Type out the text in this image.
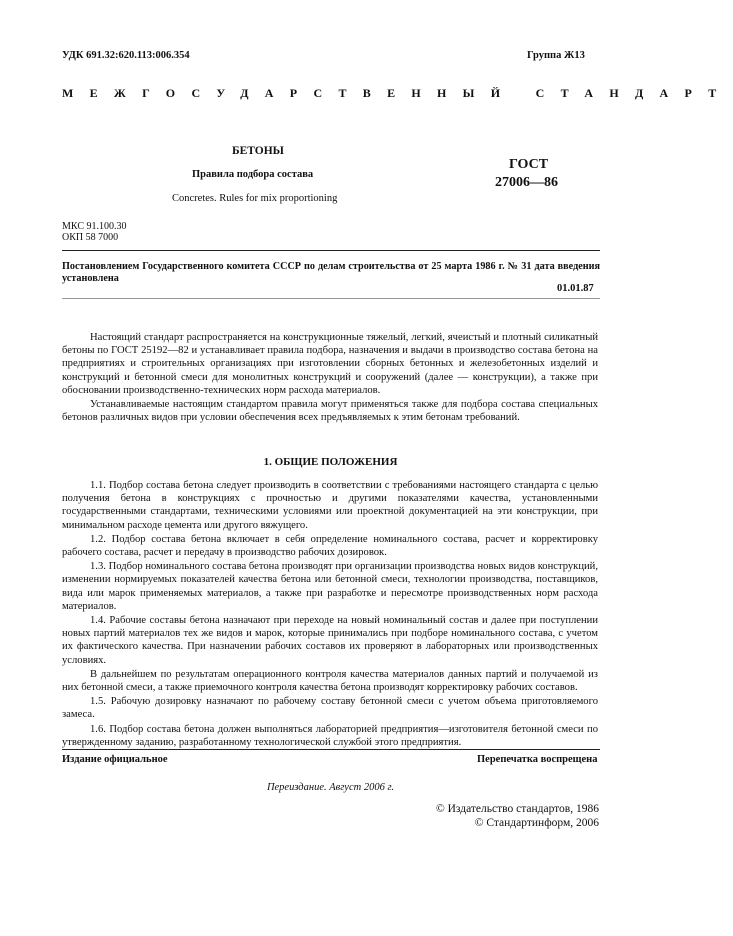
УДК 691.32:620.113:006.354	Группа Ж13
МЕЖГОСУДАРСТВЕННЫЙ СТАНДАРТ
БЕТОНЫ
Правила подбора состава
Concretes. Rules for mix proportioning
ГОСТ
27006—86
МКС 91.100.30
ОКП 58 7000
Постановлением Государственного комитета СССР по делам строительства от 25 марта 1986 г. № 31 дата введения установлена
01.01.87

Настоящий стандарт распространяется на конструкционные тяжелый, легкий, ячеистый и плотный силикатный бетоны по ГОСТ 25192—82 и устанавливает правила подбора, назначения и выдачи в производство состава бетона на предприятиях и строительных организациях при изготовлении сборных бетонных и железобетонных изделий и конструкций и бетонной смеси для монолитных конструкций и сооружений (далее — конструкции), а также при обосновании производственно-технических норм расхода материалов.

Устанавливаемые настоящим стандартом правила могут применяться также для подбора состава специальных бетонов различных видов при условии обеспечения всех предъявляемых к этим бетонам требований.

1. ОБЩИЕ ПОЛОЖЕНИЯ

1.1. Подбор состава бетона следует производить в соответствии с требованиями настоящего стандарта с целью получения бетона в конструкциях с прочностью и другими показателями качества, установленными государственными стандартами, техническими условиями или проектной документацией на эти конструкции, при минимальном расходе цемента или другого вяжущего.

1.2. Подбор состава бетона включает в себя определение номинального состава, расчет и корректировку рабочего состава, расчет и передачу в производство рабочих дозировок.

1.3. Подбор номинального состава бетона производят при организации производства новых видов конструкций, изменении нормируемых показателей качества бетона или бетонной смеси, технологии производства, поставщиков, вида или марок применяемых материалов, а также при разработке и пересмотре производственных норм расхода материалов.

1.4. Рабочие составы бетона назначают при переходе на новый номинальный состав и далее при поступлении новых партий материалов тех же видов и марок, которые принимались при подборе номинального состава, с учетом их фактического качества. При назначении рабочих составов их проверяют в лабораторных или производственных условиях.

В дальнейшем по результатам операционного контроля качества материалов данных партий и получаемой из них бетонной смеси, а также приемочного контроля качества бетона производят корректировку рабочих составов.

1.5. Рабочую дозировку назначают по рабочему составу бетонной смеси с учетом объема приготовляемого замеса.

1.6. Подбор состава бетона должен выполняться лабораторией предприятия—изготовителя бетонной смеси по утвержденному заданию, разработанному технологической службой этого предприятия.

Издание официальное	Перепечатка воспрещена
Переиздание. Август 2006 г.
© Издательство стандартов, 1986
© Стандартинформ, 2006
